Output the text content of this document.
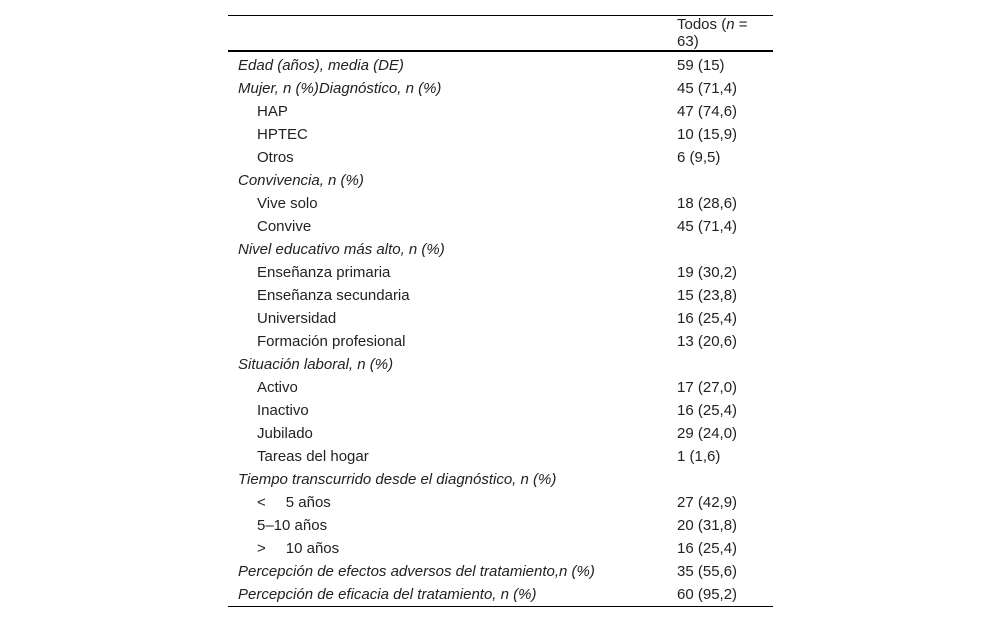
	Todos (n = 63)
Edad (años), media (DE)	59 (15)
Mujer, n (%)Diagnóstico, n (%)	45 (71,4)
HAP	47 (74,6)
HPTEC	10 (15,9)
Otros	6 (9,5)
Convivencia, n (%)	
Vive solo	18 (28,6)
Convive	45 (71,4)
Nivel educativo más alto, n (%)	
Enseñanza primaria	19 (30,2)
Enseñanza secundaria	15 (23,8)
Universidad	16 (25,4)
Formación profesional	13 (20,6)
Situación laboral, n (%)	
Activo	17 (27,0)
Inactivo	16 (25,4)
Jubilado	29 (24,0)
Tareas del hogar	1 (1,6)
Tiempo transcurrido desde el diagnóstico, n (%)	
< 5 años	27 (42,9)
5–10 años	20 (31,8)
> 10 años	16 (25,4)
Percepción de efectos adversos del tratamiento,n (%)	35 (55,6)
Percepción de eficacia del tratamiento, n (%)	60 (95,2)
